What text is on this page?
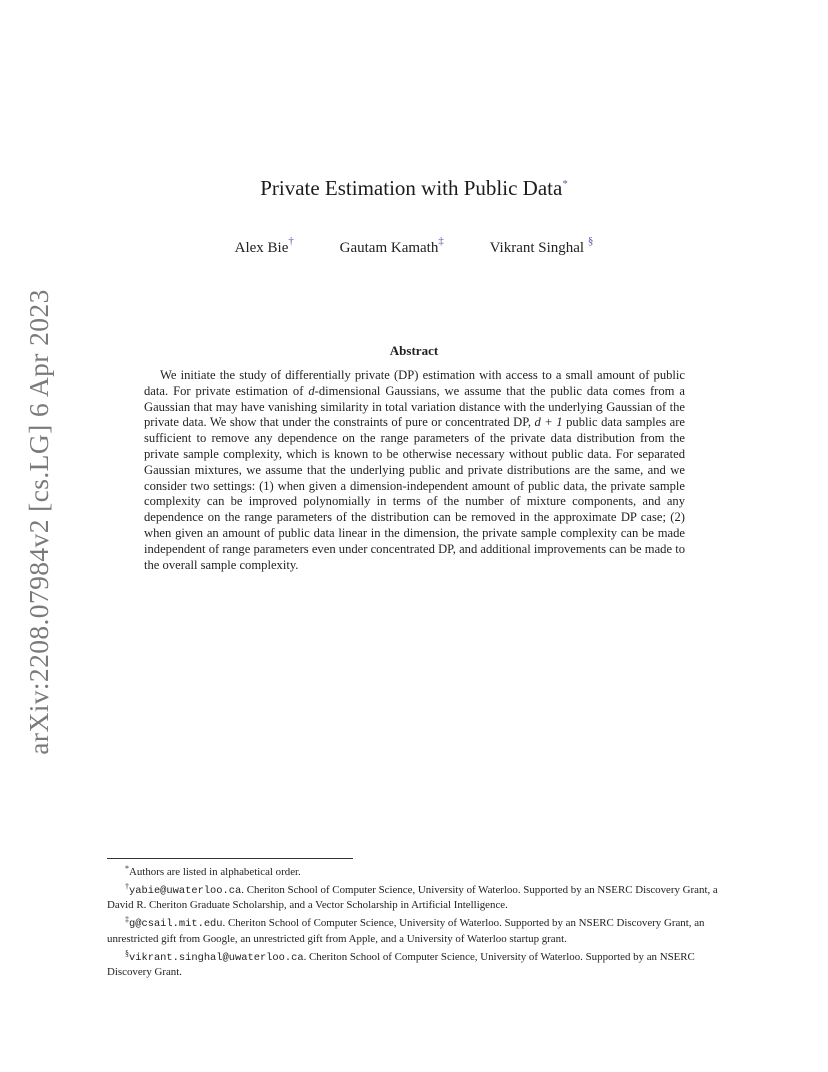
arXiv:2208.07984v2 [cs.LG] 6 Apr 2023
Private Estimation with Public Data*
Alex Bie†	Gautam Kamath‡	Vikrant Singhal §
Abstract

We initiate the study of differentially private (DP) estimation with access to a small amount of public data. For private estimation of d-dimensional Gaussians, we assume that the public data comes from a Gaussian that may have vanishing similarity in total variation distance with the underlying Gaussian of the private data. We show that under the constraints of pure or concentrated DP, d + 1 public data samples are sufficient to remove any dependence on the range parameters of the private data distribution from the private sample complexity, which is known to be otherwise necessary without public data. For separated Gaussian mixtures, we assume that the underlying public and private distributions are the same, and we consider two settings: (1) when given a dimension-independent amount of public data, the private sample complexity can be improved polynomially in terms of the number of mixture components, and any dependence on the range parameters of the distribution can be removed in the approximate DP case; (2) when given an amount of public data linear in the dimension, the private sample complexity can be made independent of range parameters even under concentrated DP, and additional improvements can be made to the overall sample complexity.

*Authors are listed in alphabetical order.

†yabie@uwaterloo.ca. Cheriton School of Computer Science, University of Waterloo. Supported by an NSERC Discovery Grant, a David R. Cheriton Graduate Scholarship, and a Vector Scholarship in Artificial Intelligence.

‡g@csail.mit.edu. Cheriton School of Computer Science, University of Waterloo. Supported by an NSERC Discovery Grant, an unrestricted gift from Google, an unrestricted gift from Apple, and a University of Waterloo startup grant.

§vikrant.singhal@uwaterloo.ca. Cheriton School of Computer Science, University of Waterloo. Supported by an NSERC Discovery Grant.
